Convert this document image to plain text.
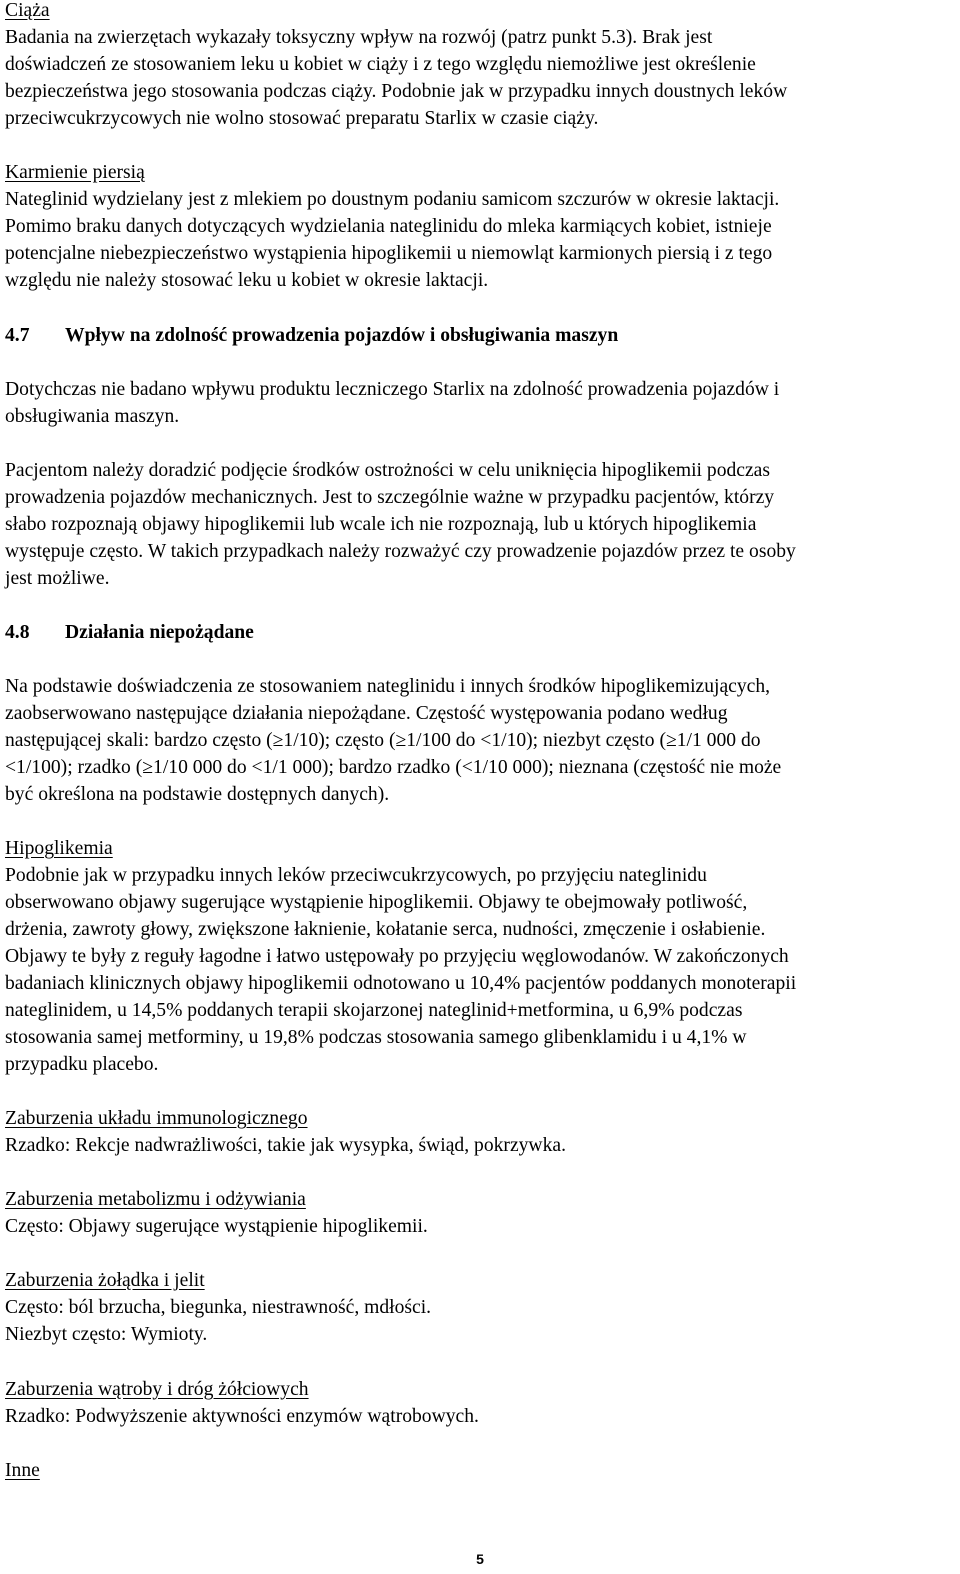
Ciąża
Badania na zwierzętach wykazały toksyczny wpływ na rozwój (patrz punkt 5.3). Brak jest
doświadczeń ze stosowaniem leku u kobiet w ciąży i z tego względu niemożliwe jest określenie
bezpieczeństwa jego stosowania podczas ciąży. Podobnie jak w przypadku innych doustnych leków
przeciwcukrzycowych nie wolno stosować preparatu Starlix w czasie ciąży.
Karmienie piersią
Nateglinid wydzielany jest z mlekiem po doustnym podaniu samicom szczurów w okresie laktacji.
Pomimo braku danych dotyczących wydzielania nateglinidu do mleka karmiących kobiet, istnieje
potencjalne niebezpieczeństwo wystąpienia hipoglikemii u niemowląt karmionych piersią i z tego
względu nie należy stosować leku u kobiet w okresie laktacji.
4.7 Wpływ na zdolność prowadzenia pojazdów i obsługiwania maszyn
Dotychczas nie badano wpływu produktu leczniczego Starlix na zdolność prowadzenia pojazdów i
obsługiwania maszyn.
Pacjentom należy doradzić podjęcie środków ostrożności w celu uniknięcia hipoglikemii podczas
prowadzenia pojazdów mechanicznych. Jest to szczególnie ważne w przypadku pacjentów, którzy
słabo rozpoznają objawy hipoglikemii lub wcale ich nie rozpoznają, lub u których hipoglikemia
występuje często. W takich przypadkach należy rozważyć czy prowadzenie pojazdów przez te osoby
jest możliwe.
4.8 Działania niepożądane
Na podstawie doświadczenia ze stosowaniem nateglinidu i innych środków hipoglikemizujących,
zaobserwowano następujące działania niepożądane. Częstość występowania podano według
następującej skali: bardzo często (≥1/10); często (≥1/100 do <1/10); niezbyt często (≥1/1 000 do
<1/100); rzadko (≥1/10 000 do <1/1 000); bardzo rzadko (<1/10 000); nieznana (częstość nie może
być określona na podstawie dostępnych danych).
Hipoglikemia
Podobnie jak w przypadku innych leków przeciwcukrzycowych, po przyjęciu nateglinidu
obserwowano objawy sugerujące wystąpienie hipoglikemii. Objawy te obejmowały potliwość,
drżenia, zawroty głowy, zwiększone łaknienie, kołatanie serca, nudności, zmęczenie i osłabienie.
Objawy te były z reguły łagodne i łatwo ustępowały po przyjęciu węglowodanów. W zakończonych
badaniach klinicznych objawy hipoglikemii odnotowano u 10,4% pacjentów poddanych monoterapii
nateglinidem, u 14,5% poddanych terapii skojarzonej nateglinid+metformina, u 6,9% podczas
stosowania samej metforminy, u 19,8% podczas stosowania samego glibenklamidu i u 4,1% w
przypadku placebo.
Zaburzenia układu immunologicznego
Rzadko: Rekcje nadwrażliwości, takie jak wysypka, świąd, pokrzywka.
Zaburzenia metabolizmu i odżywiania
Często: Objawy sugerujące wystąpienie hipoglikemii.
Zaburzenia żołądka i jelit
Często: ból brzucha, biegunka, niestrawność, mdłości.
Niezbyt często: Wymioty.
Zaburzenia wątroby i dróg żółciowych
Rzadko: Podwyższenie aktywności enzymów wątrobowych.
Inne
5
